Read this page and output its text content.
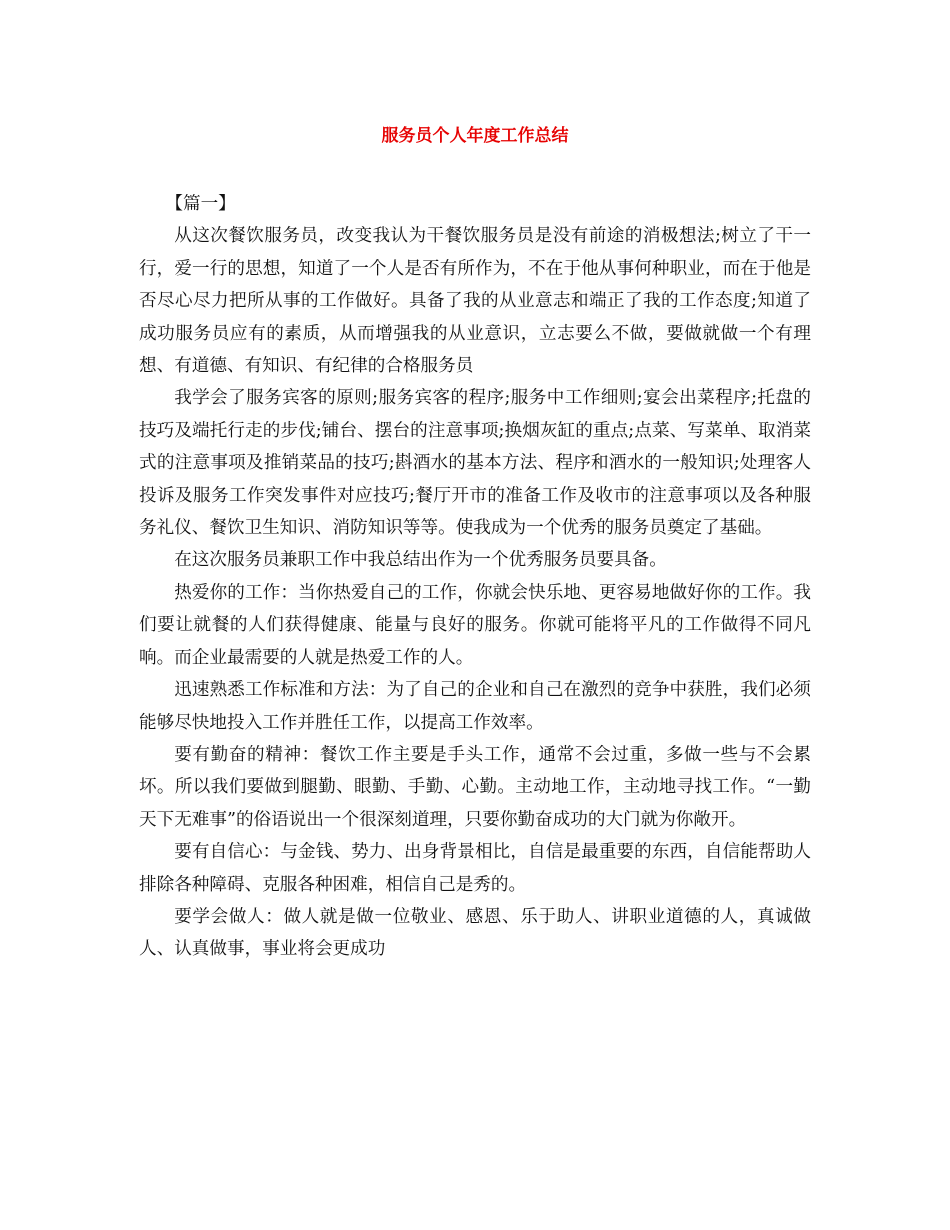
服务员个人年度工作总结

【篇一】

从这次餐饮服务员，改变我认为干餐饮服务员是没有前途的消极想法;树立了干一行，爱一行的思想，知道了一个人是否有所作为，不在于他从事何种职业，而在于他是否尽心尽力把所从事的工作做好。具备了我的从业意志和端正了我的工作态度;知道了成功服务员应有的素质，从而增强我的从业意识，立志要么不做，要做就做一个有理想、有道德、有知识、有纪律的合格服务员

我学会了服务宾客的原则;服务宾客的程序;服务中工作细则;宴会出菜程序;托盘的技巧及端托行走的步伐;铺台、摆台的注意事项;换烟灰缸的重点;点菜、写菜单、取消菜式的注意事项及推销菜品的技巧;斟酒水的基本方法、程序和酒水的一般知识;处理客人投诉及服务工作突发事件对应技巧;餐厅开市的准备工作及收市的注意事项以及各种服务礼仪、餐饮卫生知识、消防知识等等。使我成为一个优秀的服务员奠定了基础。

在这次服务员兼职工作中我总结出作为一个优秀服务员要具备。

热爱你的工作：当你热爱自己的工作，你就会快乐地、更容易地做好你的工作。我们要让就餐的人们获得健康、能量与良好的服务。你就可能将平凡的工作做得不同凡响。而企业最需要的人就是热爱工作的人。

迅速熟悉工作标准和方法：为了自己的企业和自己在激烈的竞争中获胜，我们必须能够尽快地投入工作并胜任工作，以提高工作效率。

要有勤奋的精神：餐饮工作主要是手头工作，通常不会过重，多做一些与不会累坏。所以我们要做到腿勤、眼勤、手勤、心勤。主动地工作，主动地寻找工作。“一勤天下无难事”的俗语说出一个很深刻道理，只要你勤奋成功的大门就为你敞开。

要有自信心：与金钱、势力、出身背景相比，自信是最重要的东西，自信能帮助人排除各种障碍、克服各种困难，相信自己是秀的。

要学会做人：做人就是做一位敬业、感恩、乐于助人、讲职业道德的人，真诚做人、认真做事，事业将会更成功
